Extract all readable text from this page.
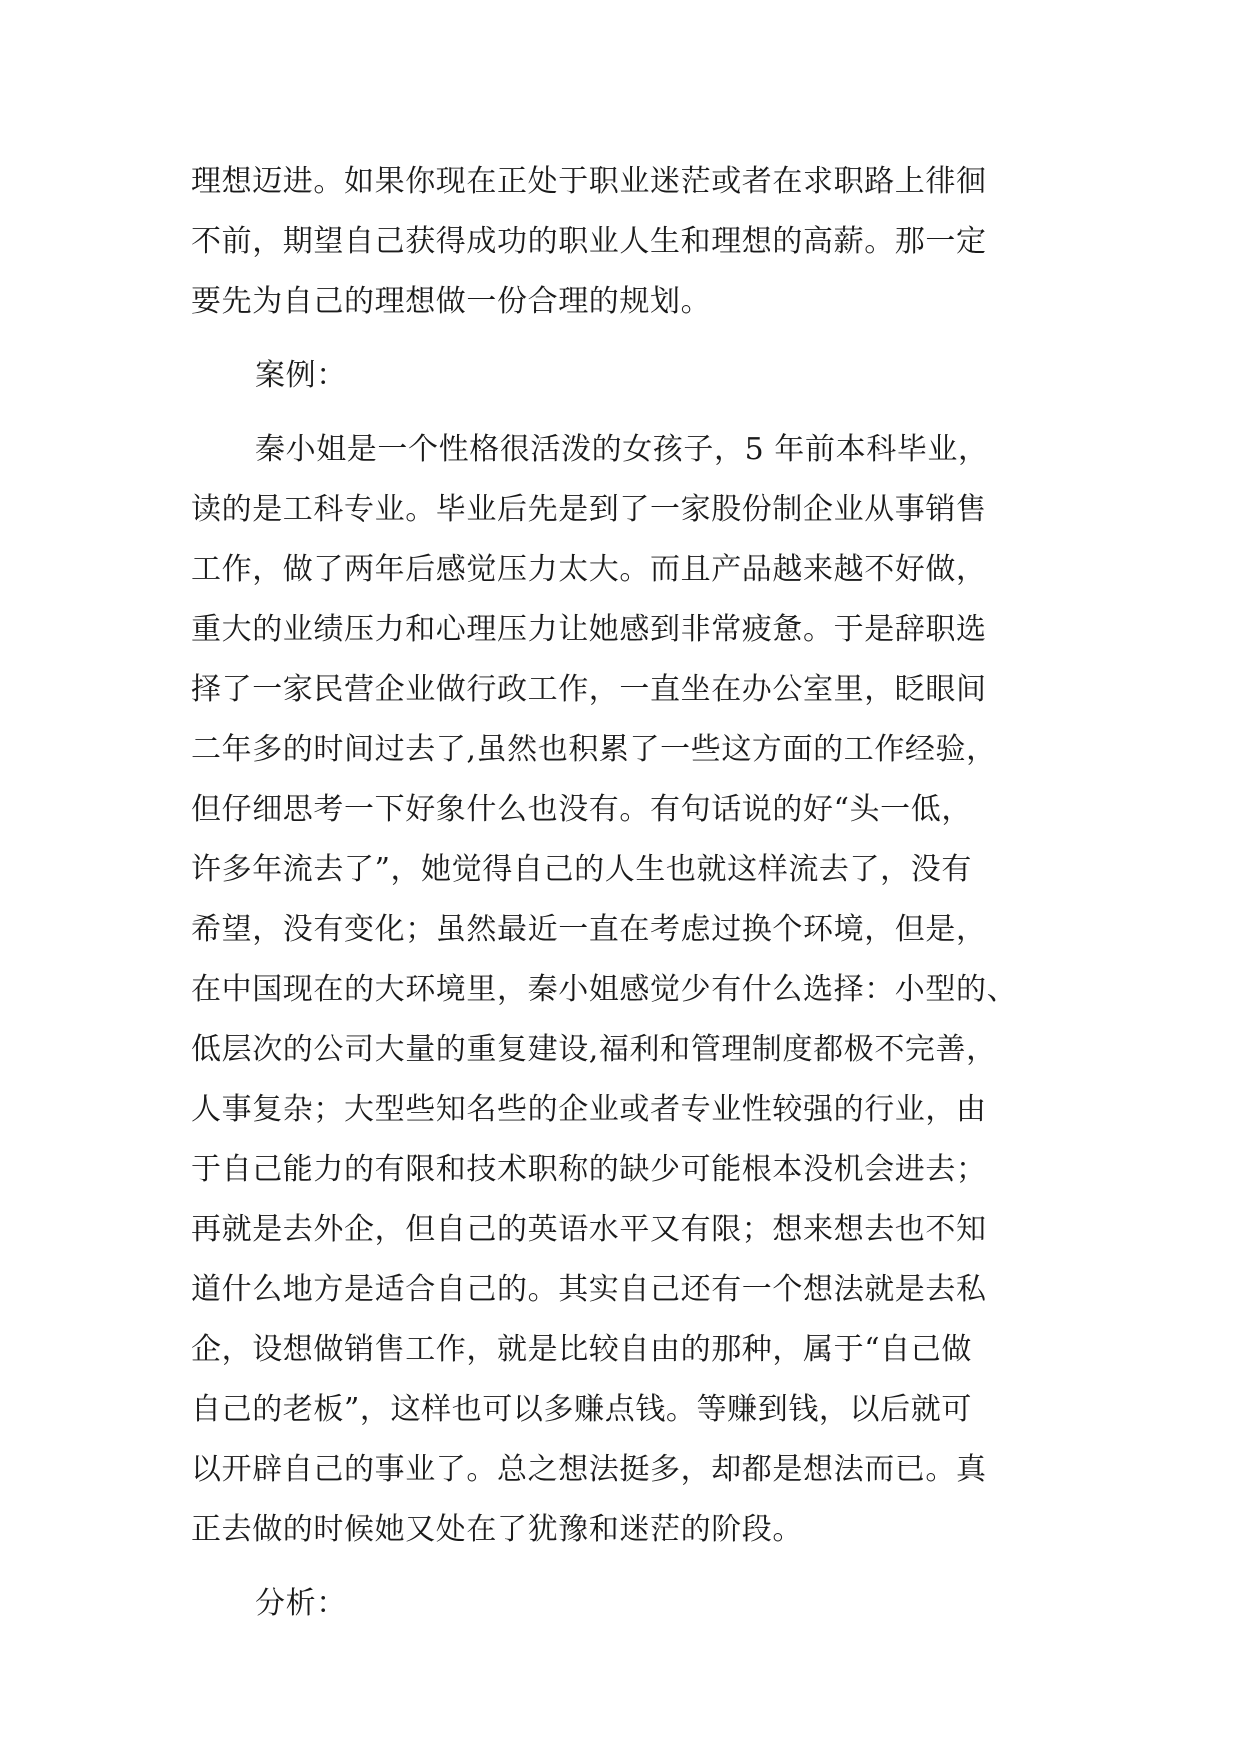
理想迈进。如果你现在正处于职业迷茫或者在求职路上徘徊
不前，期望自己获得成功的职业人生和理想的高薪。那一定
要先为自己的理想做一份合理的规划。
案例：
秦小姐是一个性格很活泼的女孩子，5 年前本科毕业，
读的是工科专业。毕业后先是到了一家股份制企业从事销售
工作，做了两年后感觉压力太大。而且产品越来越不好做，
重大的业绩压力和心理压力让她感到非常疲惫。于是辞职选
择了一家民营企业做行政工作，一直坐在办公室里，眨眼间
二年多的时间过去了,虽然也积累了一些这方面的工作经验，
但仔细思考一下好象什么也没有。有句话说的好“头一低，
许多年流去了”，她觉得自己的人生也就这样流去了，没有
希望，没有变化；虽然最近一直在考虑过换个环境，但是，
在中国现在的大环境里，秦小姐感觉少有什么选择：小型的、
低层次的公司大量的重复建设,福利和管理制度都极不完善，
人事复杂；大型些知名些的企业或者专业性较强的行业，由
于自己能力的有限和技术职称的缺少可能根本没机会进去；
再就是去外企，但自己的英语水平又有限；想来想去也不知
道什么地方是适合自己的。其实自己还有一个想法就是去私
企，设想做销售工作，就是比较自由的那种，属于“自己做
自己的老板”，这样也可以多赚点钱。等赚到钱，以后就可
以开辟自己的事业了。总之想法挺多，却都是想法而已。真
正去做的时候她又处在了犹豫和迷茫的阶段。
分析：
